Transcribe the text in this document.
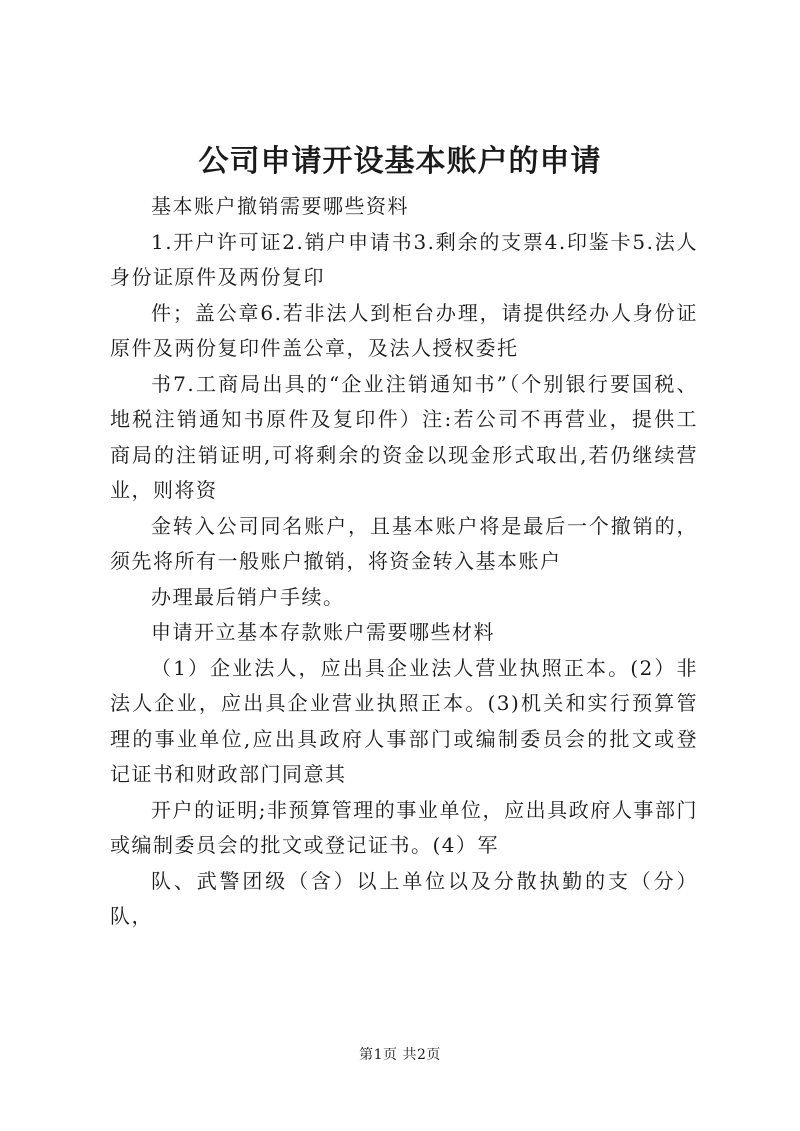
公司申请开设基本账户的申请

基本账户撤销需要哪些资料

1.开户许可证2.销户申请书3.剩余的支票4.印鉴卡5.法人身份证原件及两份复印

件；盖公章6.若非法人到柜台办理，请提供经办人身份证原件及两份复印件盖公章，及法人授权委托

书7.工商局出具的“企业注销通知书”（个别银行要国税、地税注销通知书原件及复印件）注:若公司不再营业，提供工商局的注销证明,可将剩余的资金以现金形式取出,若仍继续营业，则将资

金转入公司同名账户，且基本账户将是最后一个撤销的，须先将所有一般账户撤销，将资金转入基本账户

办理最后销户手续。

申请开立基本存款账户需要哪些材料

（1）企业法人，应出具企业法人营业执照正本。(2）非法人企业，应出具企业营业执照正本。(3)机关和实行预算管理的事业单位,应出具政府人事部门或编制委员会的批文或登记证书和财政部门同意其

开户的证明;非预算管理的事业单位，应出具政府人事部门或编制委员会的批文或登记证书。(4）军

队、武警团级（含）以上单位以及分散执勤的支（分）队，

第1页 共2页
